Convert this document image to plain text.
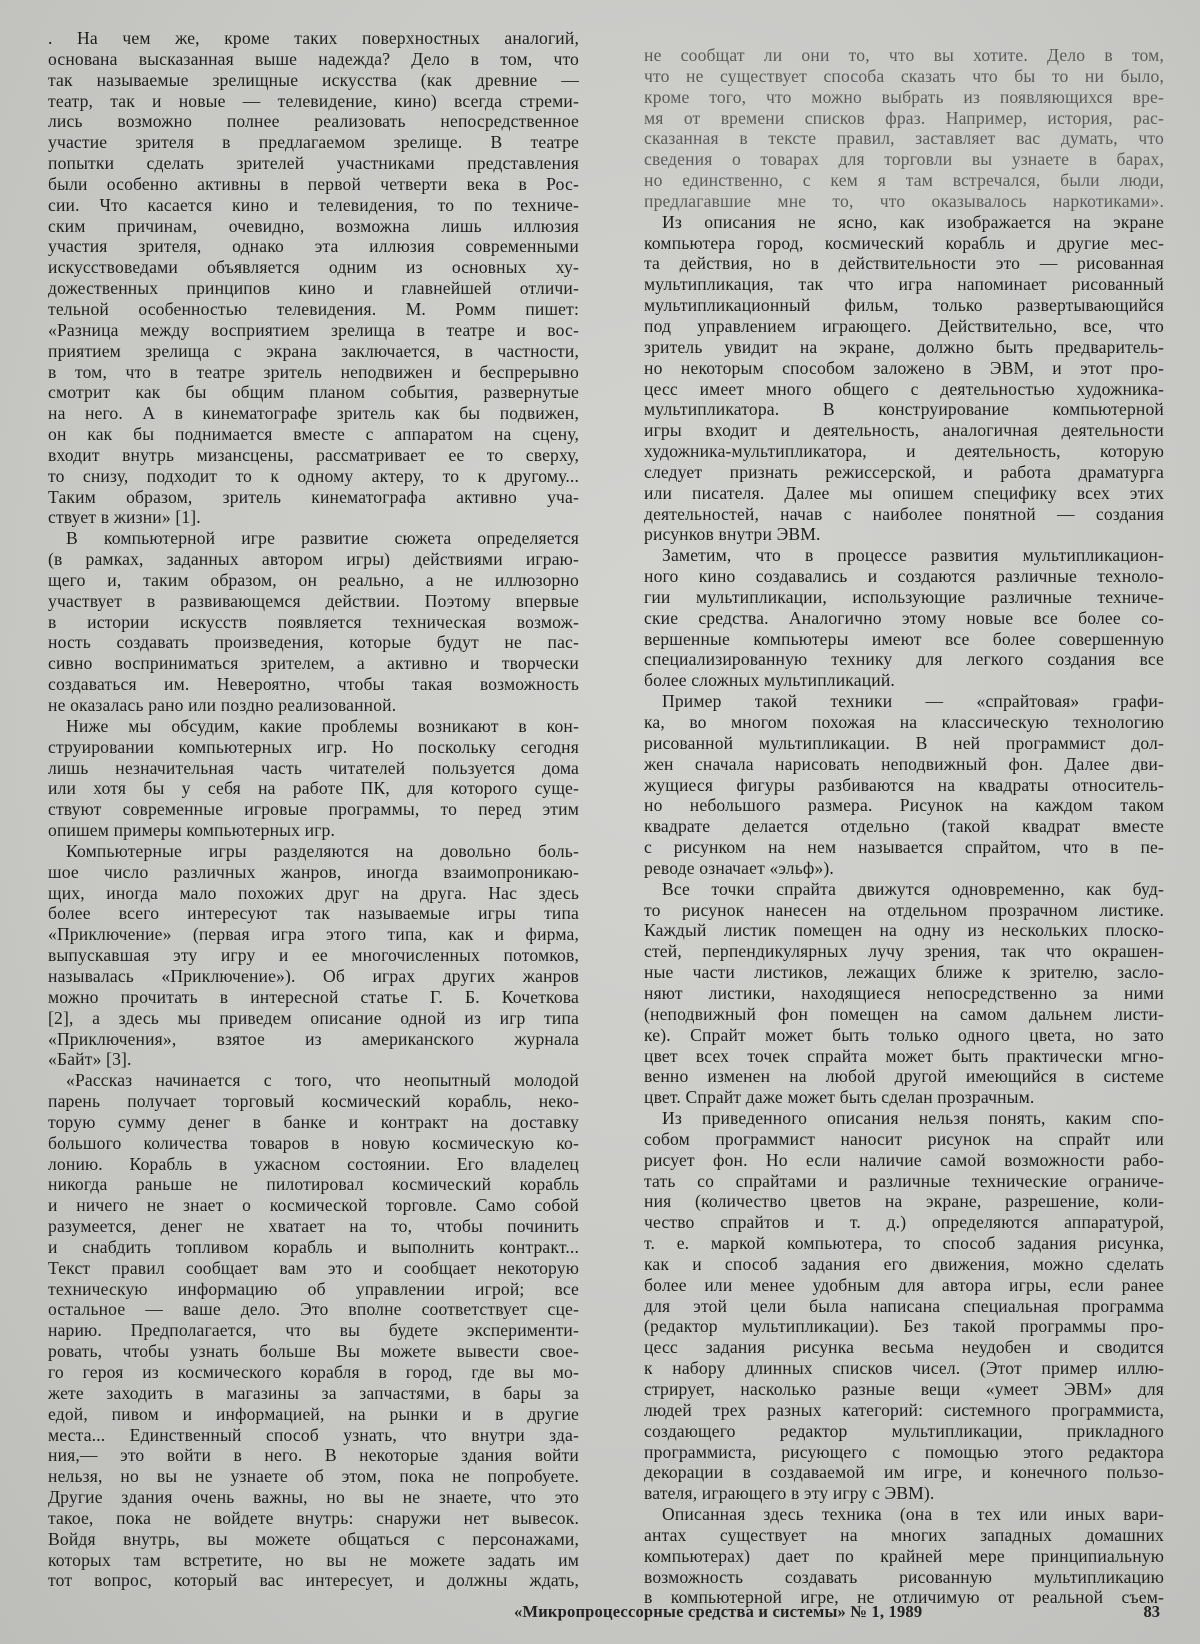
. На чем же, кроме таких поверхностных аналогий,
основана высказанная выше надежда? Дело в том, что
так называемые зрелищные искусства (как древние —
театр, так и новые — телевидение, кино) всегда стреми-
лись возможно полнее реализовать непосредственное
участие зрителя в предлагаемом зрелище. В театре
попытки сделать зрителей участниками представления
были особенно активны в первой четверти века в Рос-
сии. Что касается кино и телевидения, то по техниче-
ским причинам, очевидно, возможна лишь иллюзия
участия зрителя, однако эта иллюзия современными
искусствоведами объявляется одним из основных ху-
дожественных принципов кино и главнейшей отличи-
тельной особенностью телевидения. М. Ромм пишет:
«Разница между восприятием зрелища в театре и вос-
приятием зрелища с экрана заключается, в частности,
в том, что в театре зритель неподвижен и беспрерывно
смотрит как бы общим планом события, развернутые
на него. А в кинематографе зритель как бы подвижен,
он как бы поднимается вместе с аппаратом на сцену,
входит внутрь мизансцены, рассматривает ее то сверху,
то снизу, подходит то к одному актеру, то к другому...
Таким образом, зритель кинематографа активно уча-
ствует в жизни» [1].
В компьютерной игре развитие сюжета определяется
(в рамках, заданных автором игры) действиями играю-
щего и, таким образом, он реально, а не иллюзорно
участвует в развивающемся действии. Поэтому впервые
в истории искусств появляется техническая возмож-
ность создавать произведения, которые будут не пас-
сивно восприниматься зрителем, а активно и творчески
создаваться им. Невероятно, чтобы такая возможность
не оказалась рано или поздно реализованной.
Ниже мы обсудим, какие проблемы возникают в кон-
струировании компьютерных игр. Но поскольку сегодня
лишь незначительная часть читателей пользуется дома
или хотя бы у себя на работе ПК, для которого суще-
ствуют современные игровые программы, то перед этим
опишем примеры компьютерных игр.
Компьютерные игры разделяются на довольно боль-
шое число различных жанров, иногда взаимопроникаю-
щих, иногда мало похожих друг на друга. Нас здесь
более всего интересуют так называемые игры типа
«Приключение» (первая игра этого типа, как и фирма,
выпускавшая эту игру и ее многочисленных потомков,
называлась «Приключение»). Об играх других жанров
можно прочитать в интересной статье Г. Б. Кочеткова
[2], а здесь мы приведем описание одной из игр типа
«Приключения», взятое из американского журнала
«Байт» [3].
«Рассказ начинается с того, что неопытный молодой
парень получает торговый космический корабль, неко-
торую сумму денег в банке и контракт на доставку
большого количества товаров в новую космическую ко-
лонию. Корабль в ужасном состоянии. Его владелец
никогда раньше не пилотировал космический корабль
и ничего не знает о космической торговле. Само собой
разумеется, денег не хватает на то, чтобы починить
и снабдить топливом корабль и выполнить контракт...
Текст правил сообщает вам это и сообщает некоторую
техническую информацию об управлении игрой; все
остальное — ваше дело. Это вполне соответствует сце-
нарию. Предполагается, что вы будете эксперименти-
ровать, чтобы узнать больше Вы можете вывести свое-
го героя из космического корабля в город, где вы мо-
жете заходить в магазины за запчастями, в бары за
едой, пивом и информацией, на рынки и в другие
места... Единственный способ узнать, что внутри зда-
ния,— это войти в него. В некоторые здания войти
нельзя, но вы не узнаете об этом, пока не попробуете.
Другие здания очень важны, но вы не знаете, что это
такое, пока не войдете внутрь: снаружи нет вывесок.
Войдя внутрь, вы можете общаться с персонажами,
которых там встретите, но вы не можете задать им
тот вопрос, который вас интересует, и должны ждать,
не сообщат ли они то, что вы хотите. Дело в том,
что не существует способа сказать что бы то ни было,
кроме того, что можно выбрать из появляющихся вре-
мя от времени списков фраз. Например, история, рас-
сказанная в тексте правил, заставляет вас думать, что
сведения о товарах для торговли вы узнаете в барах,
но единственно, с кем я там встречался, были люди,
предлагавшие мне то, что оказывалось наркотиками».
Из описания не ясно, как изображается на экране
компьютера город, космический корабль и другие мес-
та действия, но в действительности это — рисованная
мультипликация, так что игра напоминает рисованный
мультипликационный фильм, только развертывающийся
под управлением играющего. Действительно, все, что
зритель увидит на экране, должно быть предваритель-
но некоторым способом заложено в ЭВМ, и этот про-
цесс имеет много общего с деятельностью художника-
мультипликатора. В конструирование компьютерной
игры входит и деятельность, аналогичная деятельности
художника-мультипликатора, и деятельность, которую
следует признать режиссерской, и работа драматурга
или писателя. Далее мы опишем специфику всех этих
деятельностей, начав с наиболее понятной — создания
рисунков внутри ЭВМ.
Заметим, что в процессе развития мультипликацион-
ного кино создавались и создаются различные техноло-
гии мультипликации, использующие различные техниче-
ские средства. Аналогично этому новые все более со-
вершенные компьютеры имеют все более совершенную
специализированную технику для легкого создания все
более сложных мультипликаций.
Пример такой техники — «спрайтовая» графи-
ка, во многом похожая на классическую технологию
рисованной мультипликации. В ней программист дол-
жен сначала нарисовать неподвижный фон. Далее дви-
жущиеся фигуры разбиваются на квадраты относитель-
но небольшого размера. Рисунок на каждом таком
квадрате делается отдельно (такой квадрат вместе
с рисунком на нем называется спрайтом, что в пе-
реводе означает «эльф»).
Все точки спрайта движутся одновременно, как буд-
то рисунок нанесен на отдельном прозрачном листике.
Каждый листик помещен на одну из нескольких плоско-
стей, перпендикулярных лучу зрения, так что окрашен-
ные части листиков, лежащих ближе к зрителю, засло-
няют листики, находящиеся непосредственно за ними
(неподвижный фон помещен на самом дальнем листи-
ке). Спрайт может быть только одного цвета, но зато
цвет всех точек спрайта может быть практически мгно-
венно изменен на любой другой имеющийся в системе
цвет. Спрайт даже может быть сделан прозрачным.
Из приведенного описания нельзя понять, каким спо-
собом программист наносит рисунок на спрайт или
рисует фон. Но если наличие самой возможности рабо-
тать со спрайтами и различные технические ограниче-
ния (количество цветов на экране, разрешение, коли-
чество спрайтов и т. д.) определяются аппаратурой,
т. е. маркой компьютера, то способ задания рисунка,
как и способ задания его движения, можно сделать
более или менее удобным для автора игры, если ранее
для этой цели была написана специальная программа
(редактор мультипликации). Без такой программы про-
цесс задания рисунка весьма неудобен и сводится
к набору длинных списков чисел. (Этот пример иллю-
стрирует, насколько разные вещи «умеет ЭВМ» для
людей трех разных категорий: системного программиста,
создающего редактор мультипликации, прикладного
программиста, рисующего с помощью этого редактора
декорации в создаваемой им игре, и конечного пользо-
вателя, играющего в эту игру с ЭВМ).
Описанная здесь техника (она в тех или иных вари-
антах существует на многих западных домашних
компьютерах) дает по крайней мере принципиальную
возможность создавать рисованную мультипликацию
в компьютерной игре, не отличимую от реальной съем-
«Микропроцессорные средства и системы» № 1, 1989	83
